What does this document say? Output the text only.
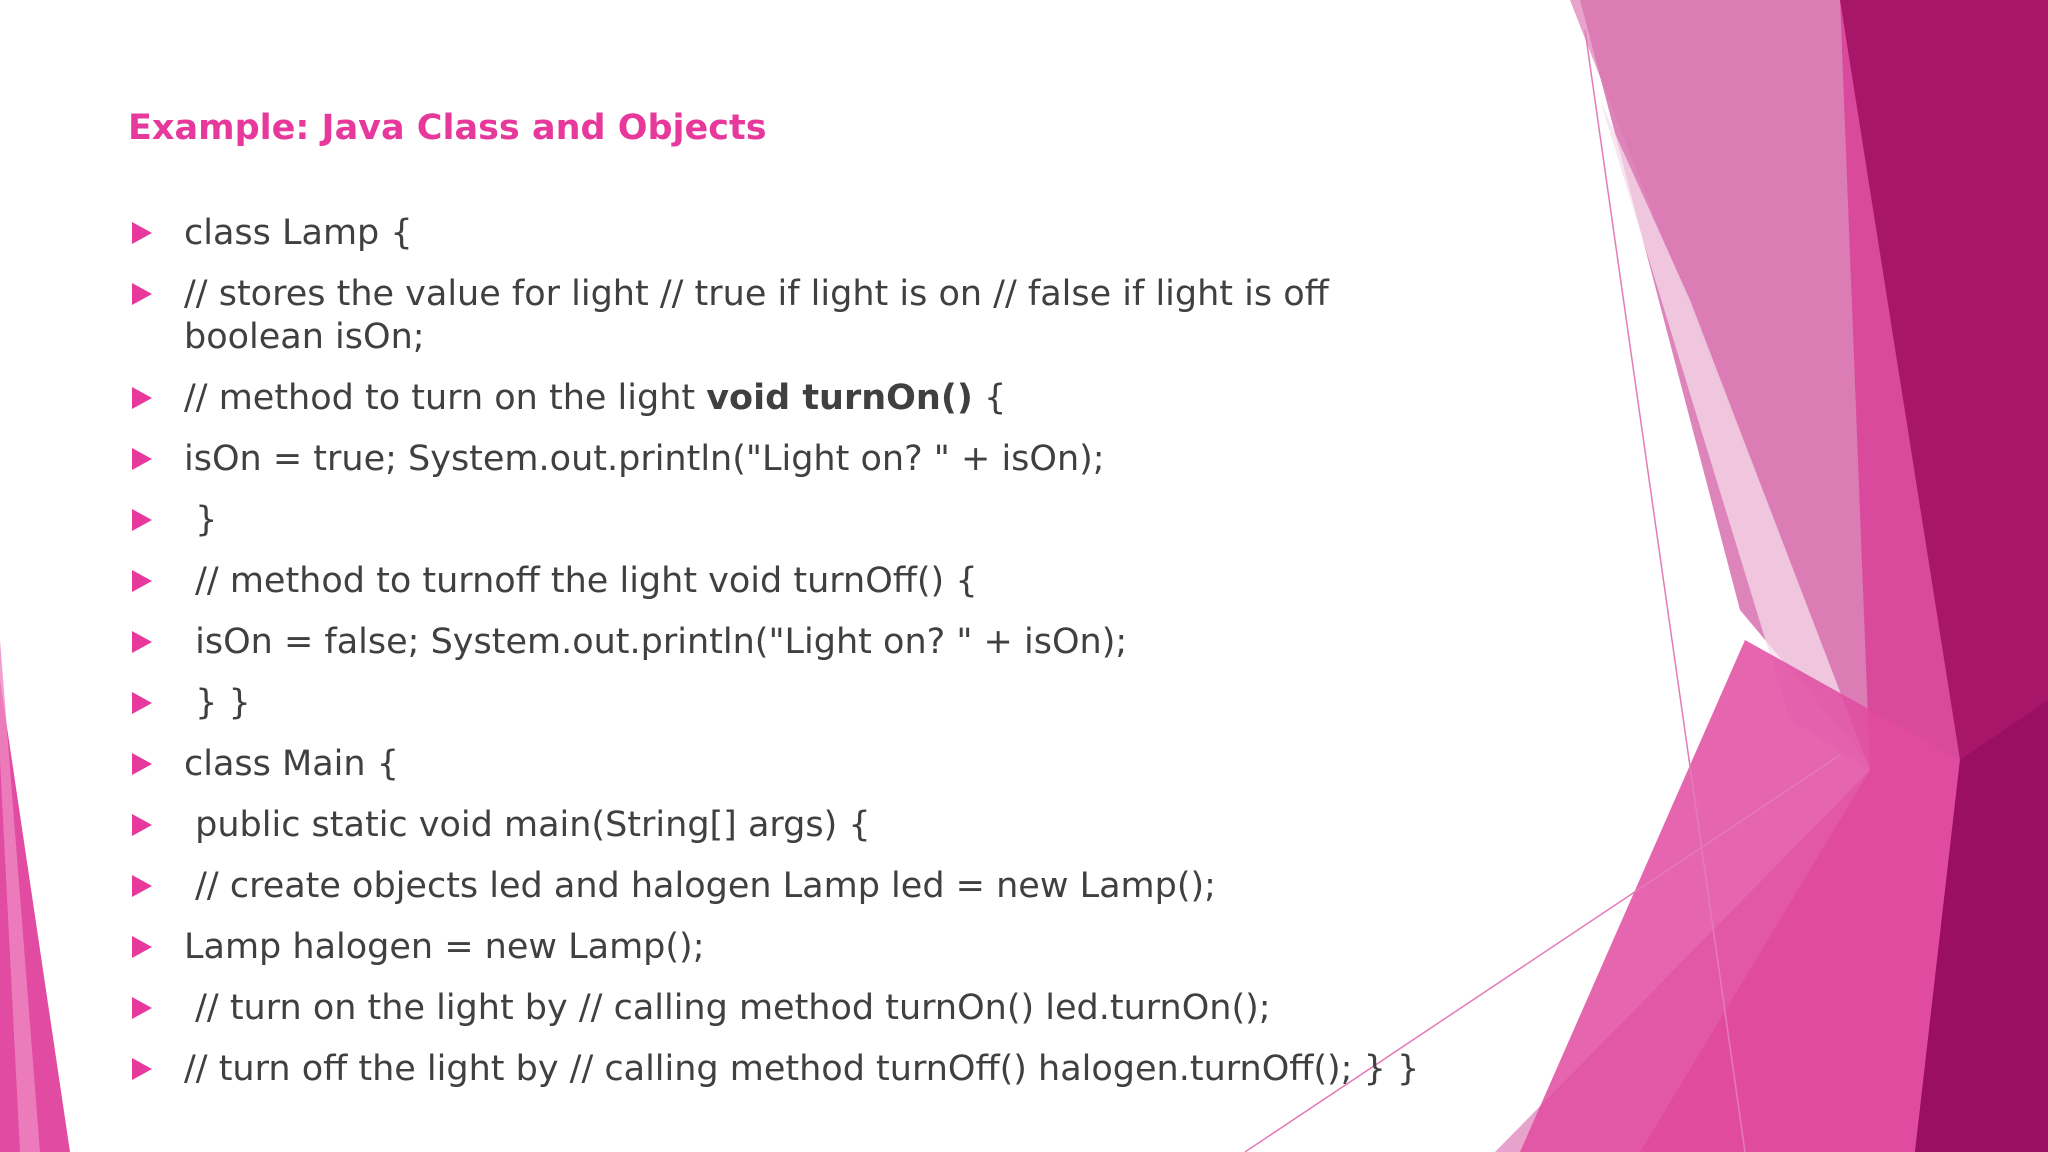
Example: Java Class and Objects
class Lamp {
// stores the value for light // true if light is on // false if light is off boolean isOn;
// method to turn on the light void turnOn() {
isOn = true; System.out.println("Light on? " + isOn);
}
// method to turnoff the light void turnOff() {
isOn = false; System.out.println("Light on? " + isOn);
} }
class Main {
public static void main(String[] args) {
// create objects led and halogen Lamp led = new Lamp();
Lamp halogen = new Lamp();
// turn on the light by // calling method turnOn() led.turnOn();
// turn off the light by // calling method turnOff() halogen.turnOff(); } }
